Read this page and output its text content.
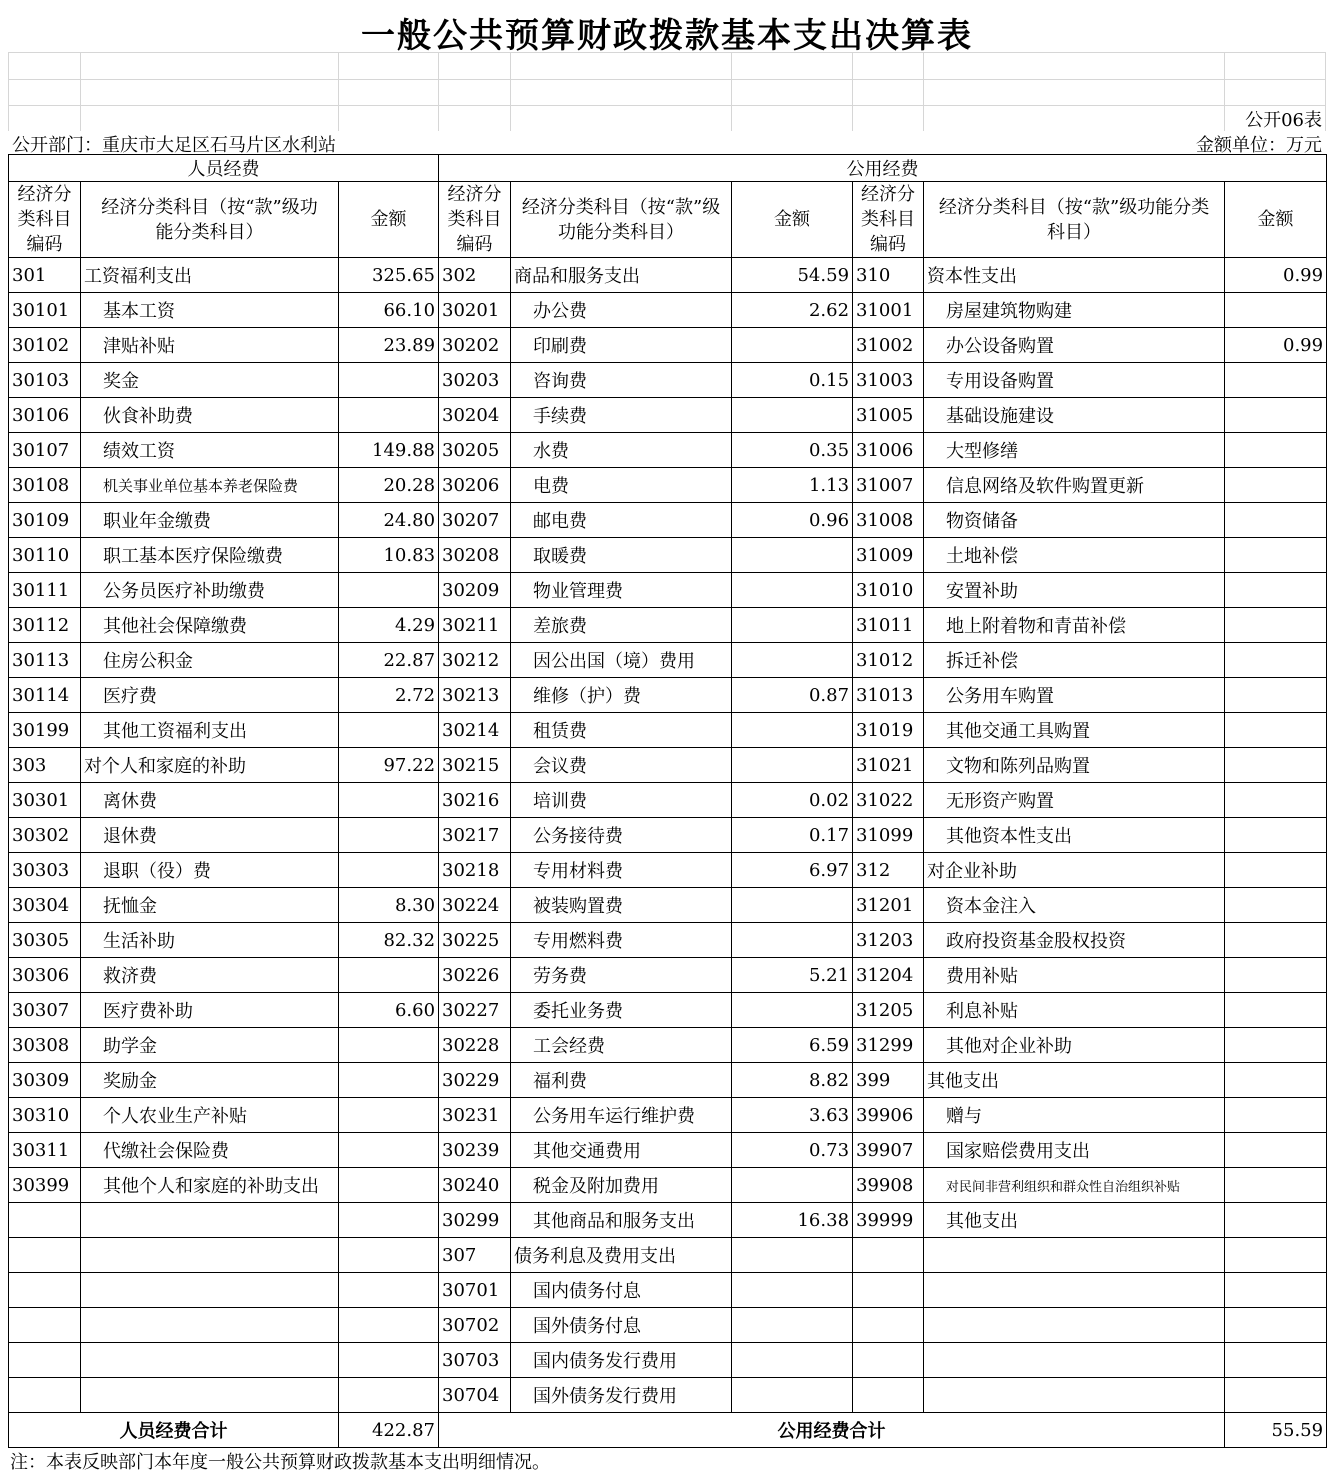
一般公共预算财政拨款基本支出决算表
公开06表
公开部门：重庆市大足区石马片区水利站	金额单位：万元
人员经费			公用经费					
经济分类科目编码	经济分类科目（按“款”级功能分类科目）	金额	经济分类科目编码	经济分类科目（按“款”级功能分类科目）	金额	经济分类科目编码	经济分类科目（按“款”级功能分类科目）	金额
301	工资福利支出	325.65	302	商品和服务支出	54.59	310	资本性支出	0.99
30101	基本工资	66.10	30201	办公费	2.62	31001	房屋建筑物购建	
30102	津贴补贴	23.89	30202	印刷费		31002	办公设备购置	0.99
30103	奖金		30203	咨询费	0.15	31003	专用设备购置	
30106	伙食补助费		30204	手续费		31005	基础设施建设	
30107	绩效工资	149.88	30205	水费	0.35	31006	大型修缮	
30108	机关事业单位基本养老保险费	20.28	30206	电费	1.13	31007	信息网络及软件购置更新	
30109	职业年金缴费	24.80	30207	邮电费	0.96	31008	物资储备	
30110	职工基本医疗保险缴费	10.83	30208	取暖费		31009	土地补偿	
30111	公务员医疗补助缴费		30209	物业管理费		31010	安置补助	
30112	其他社会保障缴费	4.29	30211	差旅费		31011	地上附着物和青苗补偿	
30113	住房公积金	22.87	30212	因公出国（境）费用		31012	拆迁补偿	
30114	医疗费	2.72	30213	维修（护）费	0.87	31013	公务用车购置	
30199	其他工资福利支出		30214	租赁费		31019	其他交通工具购置	
303	对个人和家庭的补助	97.22	30215	会议费		31021	文物和陈列品购置	
30301	离休费		30216	培训费	0.02	31022	无形资产购置	
30302	退休费		30217	公务接待费	0.17	31099	其他资本性支出	
30303	退职（役）费		30218	专用材料费	6.97	312	对企业补助	
30304	抚恤金	8.30	30224	被装购置费		31201	资本金注入	
30305	生活补助	82.32	30225	专用燃料费		31203	政府投资基金股权投资	
30306	救济费		30226	劳务费	5.21	31204	费用补贴	
30307	医疗费补助	6.60	30227	委托业务费		31205	利息补贴	
30308	助学金		30228	工会经费	6.59	31299	其他对企业补助	
30309	奖励金		30229	福利费	8.82	399	其他支出	
30310	个人农业生产补贴		30231	公务用车运行维护费	3.63	39906	赠与	
30311	代缴社会保险费		30239	其他交通费用	0.73	39907	国家赔偿费用支出	
30399	其他个人和家庭的补助支出		30240	税金及附加费用		39908	对民间非营利组织和群众性自治组织补贴	
			30299	其他商品和服务支出	16.38	39999	其他支出	
			307	债务利息及费用支出				
			30701	国内债务付息				
			30702	国外债务付息				
			30703	国内债务发行费用				
			30704	国外债务发行费用				
人员经费合计		422.87	公用经费合计					55.59
注：本表反映部门本年度一般公共预算财政拨款基本支出明细情况。
